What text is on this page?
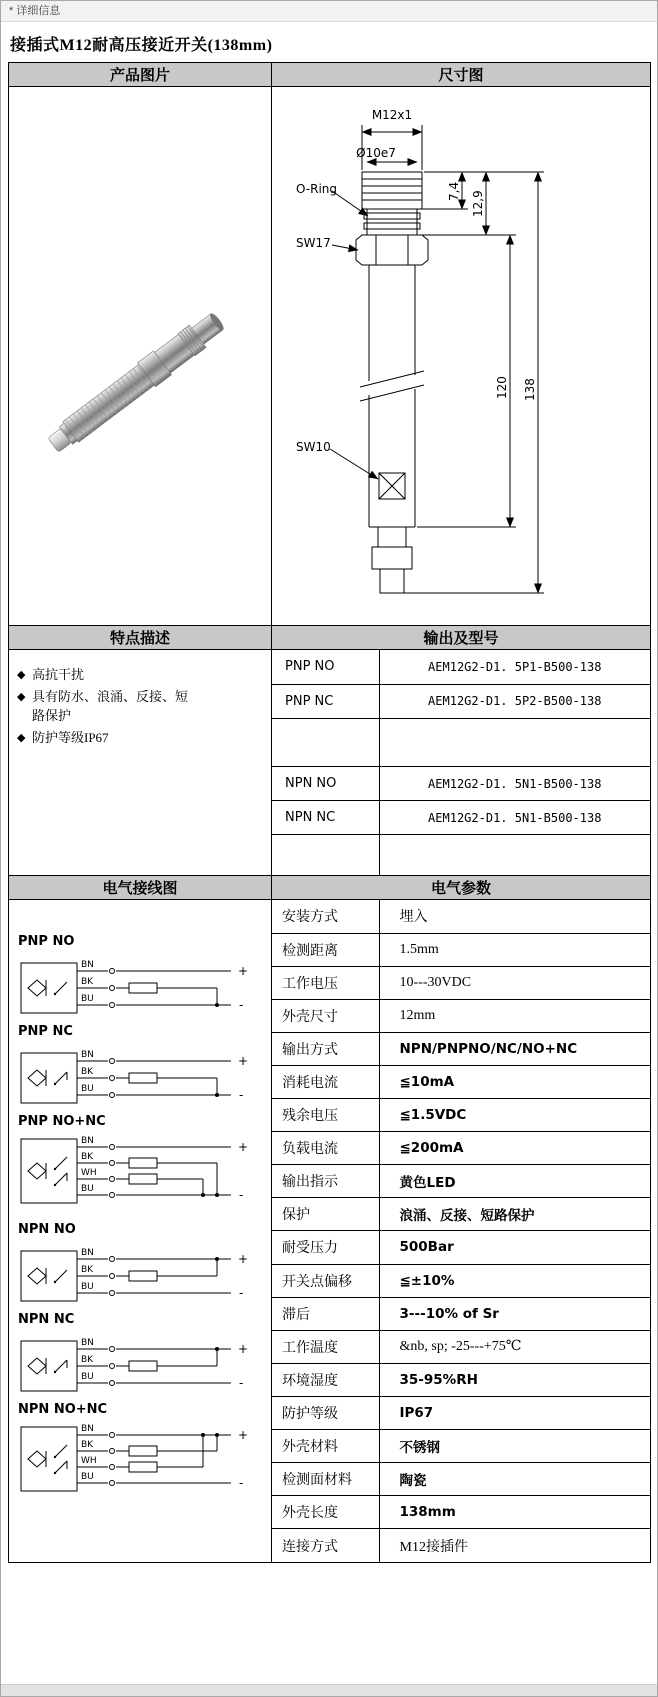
* 详细信息
接插式M12耐高压接近开关(138mm)
产品图片	尺寸图

M12x1
Ø10e7
O-Ring
SW17
SW10
7,4 12,9
120 138

特点描述	输出及型号

◆ 高抗干扰
◆ 具有防水、浪涌、反接、短路保护
◆ 防护等级IP67

PNP NO	AEM12G2-D1. 5P1-B500-138
PNP NC	AEM12G2-D1. 5P2-B500-138

NPN NO	AEM12G2-D1. 5N1-B500-138
NPN NC	AEM12G2-D1. 5N1-B500-138

电气接线图	电气参数

PNP NO
BN
BK
BU
+
-
PNP NC
BN
BK
BU
+
-
PNP NO+NC
BN
BK
WH
BU
+
-
NPN NO
BN
BK
BU
+
-
NPN NC
BN
BK
BU
+
-
NPN NO+NC
BN
BK
WH
BU
+
-

安装方式	埋入
检测距离	1.5mm
工作电压	10---30VDC
外壳尺寸	12mm
输出方式	NPN/PNPNO/NC/NO+NC
消耗电流	≦10mA
残余电压	≦1.5VDC
负载电流	≦200mA
输出指示	黄色LED
保护	浪涌、反接、短路保护
耐受压力	500Bar
开关点偏移	≦±10%
滞后	3---10% of Sr
工作温度	&nb, sp; -25---+75℃
环境湿度	35-95%RH
防护等级	IP67
外壳材料	不锈钢
检测面材料	陶瓷
外壳长度	138mm
连接方式	M12接插件
